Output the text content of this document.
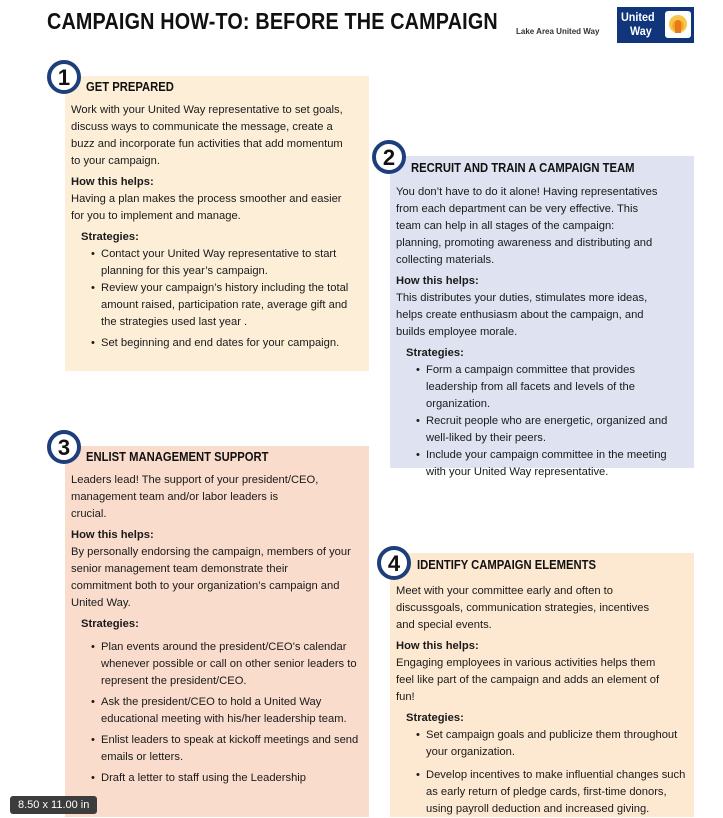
CAMPAIGN HOW-TO: BEFORE THE CAMPAIGN Lake Area United Way
United
Way

Work with your United Way representative to set goals,
discuss ways to communicate the message, create a
buzz and incorporate fun activities that add momentum
to your campaign.

How this helps:

Having a plan makes the process smoother and easier
for you to implement and manage.

Strategies:

• Contact your United Way representative to start planning for this year’s campaign.
• Review your campaign’s history including the total amount raised, participation rate, average gift and the strategies used last year .
• Set beginning and end dates for your campaign.
1	GET PREPARED

You don’t have to do it alone! Having representatives
from each department can be very effective. This
team can help in all stages of the campaign:
planning, promoting awareness and distributing and
collecting materials.

How this helps:

This distributes your duties, stimulates more ideas,
helps create enthusiasm about the campaign, and
builds employee morale.

Strategies:

• Form a campaign committee that provides leadership from all facets and levels of the organization.
• Recruit people who are energetic, organized and well-liked by their peers.
• Include your campaign committee in the meeting with your United Way representative.
2	RECRUIT AND TRAIN A CAMPAIGN TEAM

Leaders lead! The support of your president/CEO,
management team and/or labor leaders is
crucial.

How this helps:

By personally endorsing the campaign, members of your
senior management team demonstrate their
commitment both to your organization’s campaign and
United Way.

Strategies:

• Plan events around the president/CEO’s calendar whenever possible or call on other senior leaders to represent the president/CEO.
• Ask the president/CEO to hold a United Way educational meeting with his/her leadership team.
• Enlist leaders to speak at kickoff meetings and send emails or letters.
• Draft a letter to staff using the Leadership
3	ENLIST MANAGEMENT SUPPORT

Meet with your committee early and often to
discussgoals, communication strategies, incentives
and special events.

How this helps:

Engaging employees in various activities helps them
feel like part of the campaign and adds an element of
fun!

Strategies:

• Set campaign goals and publicize them throughout your organization.
• Develop incentives to make influential changes such as early return of pledge cards, first-time donors, using payroll deduction and increased giving.
4	IDENTIFY CAMPAIGN ELEMENTS
8.50 x 11.00 in
